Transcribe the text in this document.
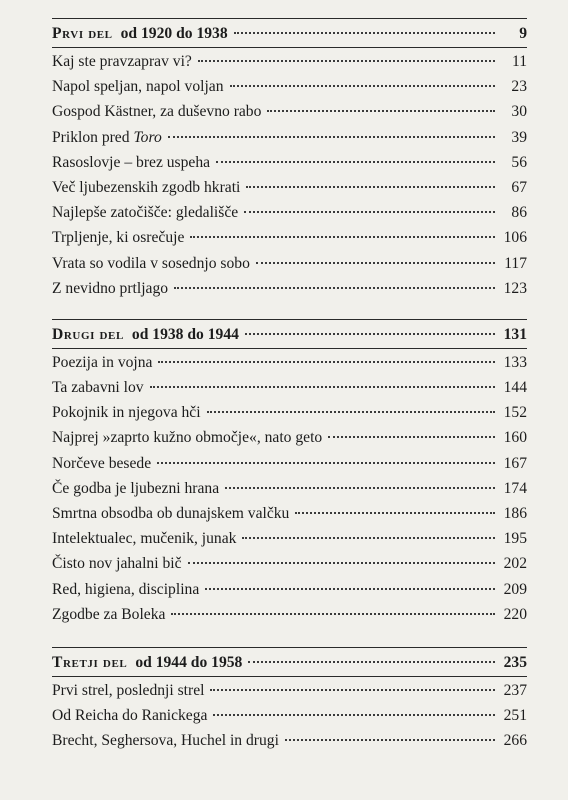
Prvi del od 1920 do 1938	9
Kaj ste pravzaprav vi?	11
Napol speljan, napol voljan	23
Gospod Kästner, za duševno rabo	30
Priklon pred Toro	39
Rasoslovje – brez uspeha	56
Več ljubezenskih zgodb hkrati	67
Najlepše zatočišče: gledališče	86
Trpljenje, ki osrečuje	106
Vrata so vodila v sosednjo sobo	117
Z nevidno prtljago	123
Drugi del od 1938 do 1944	131
Poezija in vojna	133
Ta zabavni lov	144
Pokojnik in njegova hči	152
Najprej »zaprto kužno območje«, nato geto	160
Norčeve besede	167
Če godba je ljubezni hrana	174
Smrtna obsodba ob dunajskem valčku	186
Intelektualec, mučenik, junak	195
Čisto nov jahalni bič	202
Red, higiena, disciplina	209
Zgodbe za Boleka	220
Tretji del od 1944 do 1958	235
Prvi strel, poslednji strel	237
Od Reicha do Ranickega	251
Brecht, Seghersova, Huchel in drugi	266
